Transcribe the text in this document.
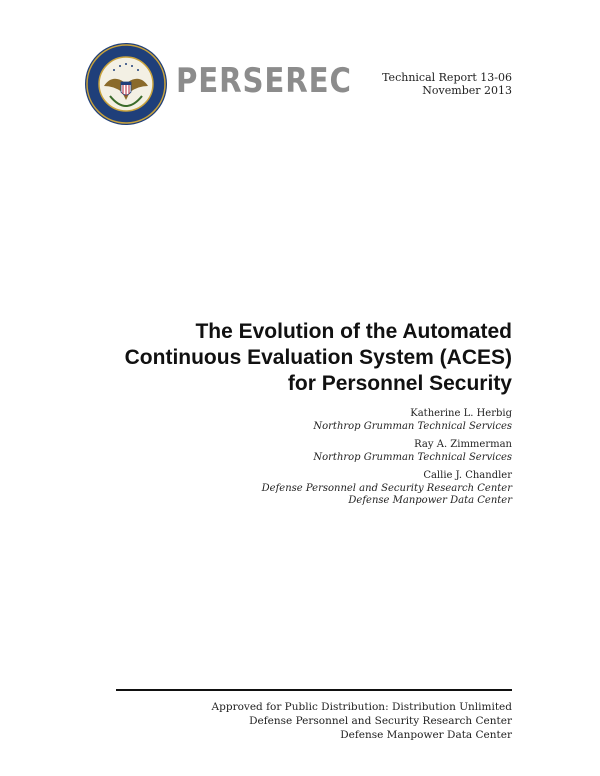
PERSEREC	Technical Report 13-06
November 2013
The Evolution of the Automated
Continuous Evaluation System (ACES)
for Personnel Security
Katherine L. Herbig
Northrop Grumman Technical Services
Ray A. Zimmerman
Northrop Grumman Technical Services
Callie J. Chandler
Defense Personnel and Security Research Center
Defense Manpower Data Center
Approved for Public Distribution: Distribution Unlimited
Defense Personnel and Security Research Center
Defense Manpower Data Center
